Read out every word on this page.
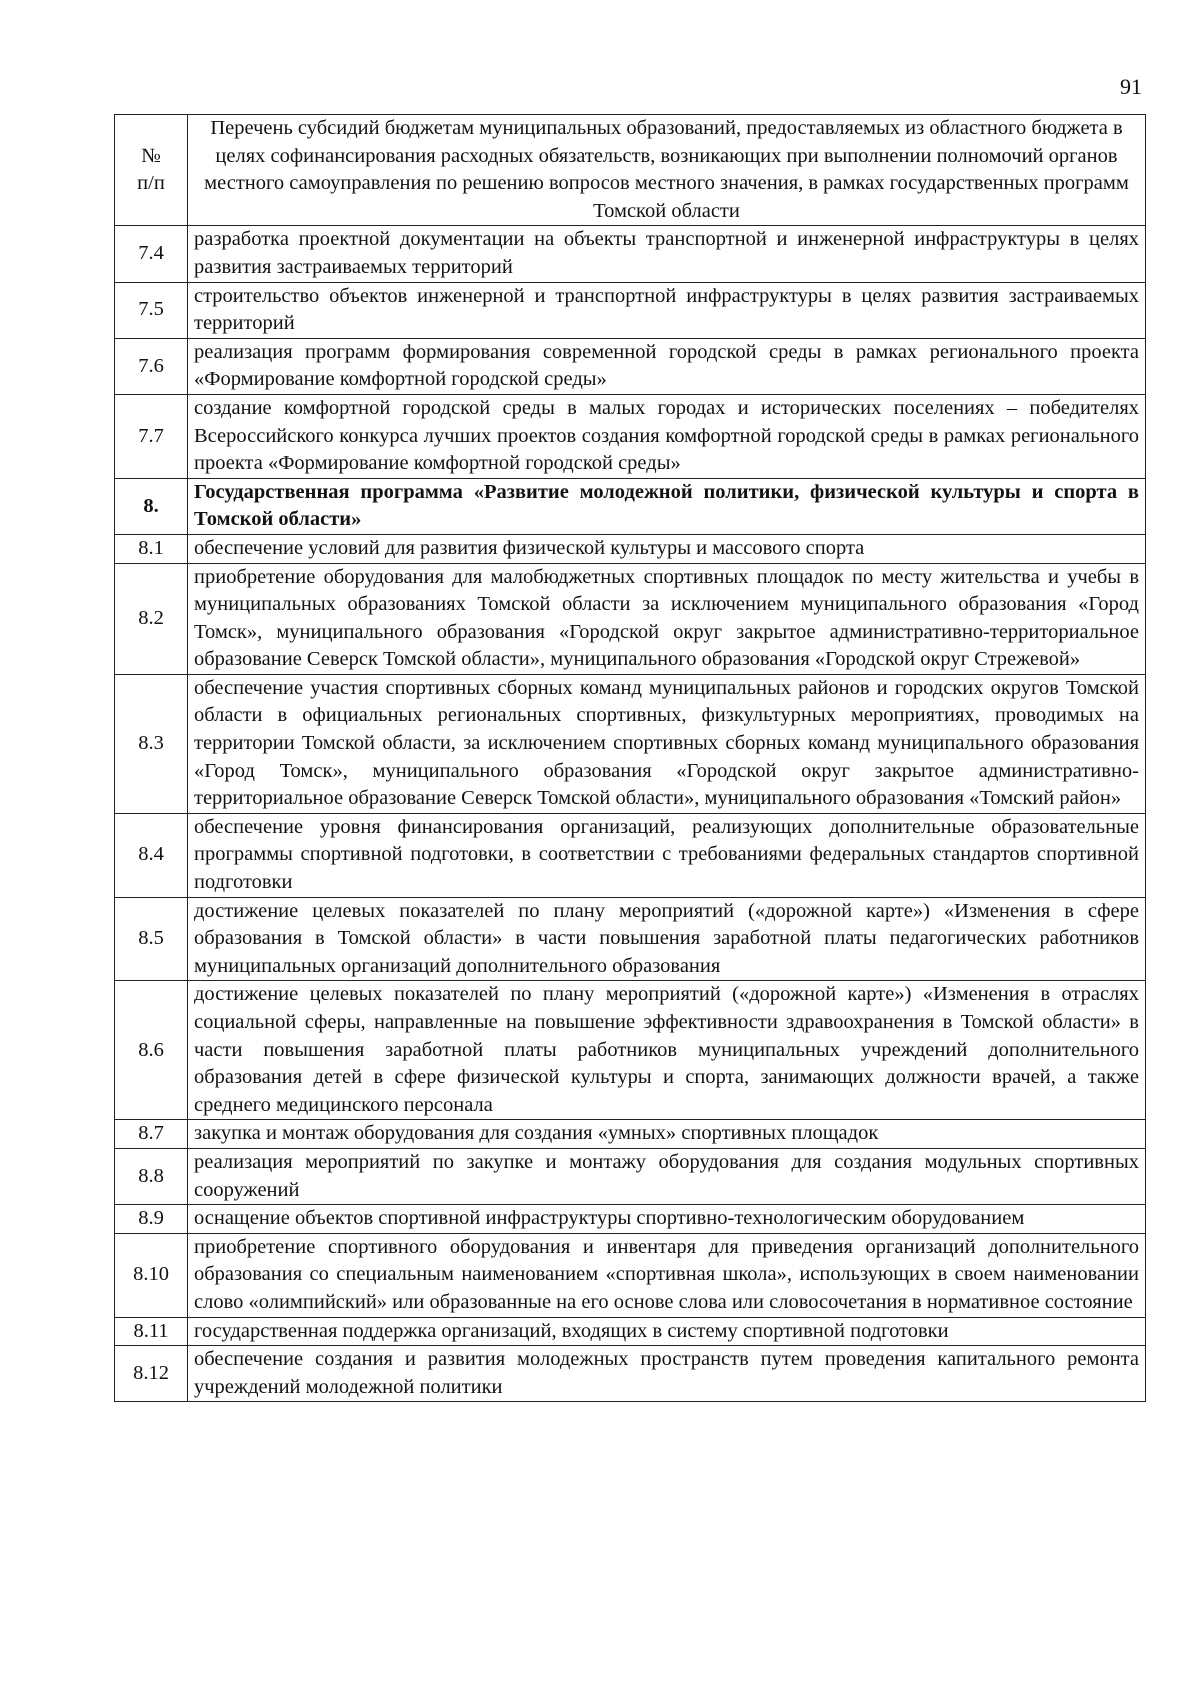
91
№
п/п	Перечень субсидий бюджетам муниципальных образований, предоставляемых из областного бюджета в целях софинансирования расходных обязательств, возникающих при выполнении полномочий органов местного самоуправления по решению вопросов местного значения, в рамках государственных программ Томской области
7.4	разработка проектной документации на объекты транспортной и инженерной инфраструктуры в целях развития застраиваемых территорий
7.5	строительство объектов инженерной и транспортной инфраструктуры в целях развития застраиваемых территорий
7.6	реализация программ формирования современной городской среды в рамках регионального проекта «Формирование комфортной городской среды»
7.7	создание комфортной городской среды в малых городах и исторических поселениях – победителях Всероссийского конкурса лучших проектов создания комфортной городской среды в рамках регионального проекта «Формирование комфортной городской среды»
8.	Государственная программа «Развитие молодежной политики, физической культуры и спорта в Томской области»
8.1	обеспечение условий для развития физической культуры и массового спорта
8.2	приобретение оборудования для малобюджетных спортивных площадок по месту жительства и учебы в муниципальных образованиях Томской области за исключением муниципального образования «Город Томск», муниципального образования «Городской округ закрытое административно-территориальное образование Северск Томской области», муниципального образования «Городской округ Стрежевой»
8.3	обеспечение участия спортивных сборных команд муниципальных районов и городских округов Томской области в официальных региональных спортивных, физкультурных мероприятиях, проводимых на территории Томской области, за исключением спортивных сборных команд муниципального образования «Город Томск», муниципального образования «Городской округ закрытое административно-территориальное образование Северск Томской области», муниципального образования «Томский район»
8.4	обеспечение уровня финансирования организаций, реализующих дополнительные образовательные программы спортивной подготовки, в соответствии с требованиями федеральных стандартов спортивной подготовки
8.5	достижение целевых показателей по плану мероприятий («дорожной карте») «Изменения в сфере образования в Томской области» в части повышения заработной платы педагогических работников муниципальных организаций дополнительного образования
8.6	достижение целевых показателей по плану мероприятий («дорожной карте») «Изменения в отраслях социальной сферы, направленные на повышение эффективности здравоохранения в Томской области» в части повышения заработной платы работников муниципальных учреждений дополнительного образования детей в сфере физической культуры и спорта, занимающих должности врачей, а также среднего медицинского персонала
8.7	закупка и монтаж оборудования для создания «умных» спортивных площадок
8.8	реализация мероприятий по закупке и монтажу оборудования для создания модульных спортивных сооружений
8.9	оснащение объектов спортивной инфраструктуры спортивно-технологическим оборудованием
8.10	приобретение спортивного оборудования и инвентаря для приведения организаций дополнительного образования со специальным наименованием «спортивная школа», использующих в своем наименовании слово «олимпийский» или образованные на его основе слова или словосочетания в нормативное состояние
8.11	государственная поддержка организаций, входящих в систему спортивной подготовки
8.12	обеспечение создания и развития молодежных пространств путем проведения капитального ремонта учреждений молодежной политики
